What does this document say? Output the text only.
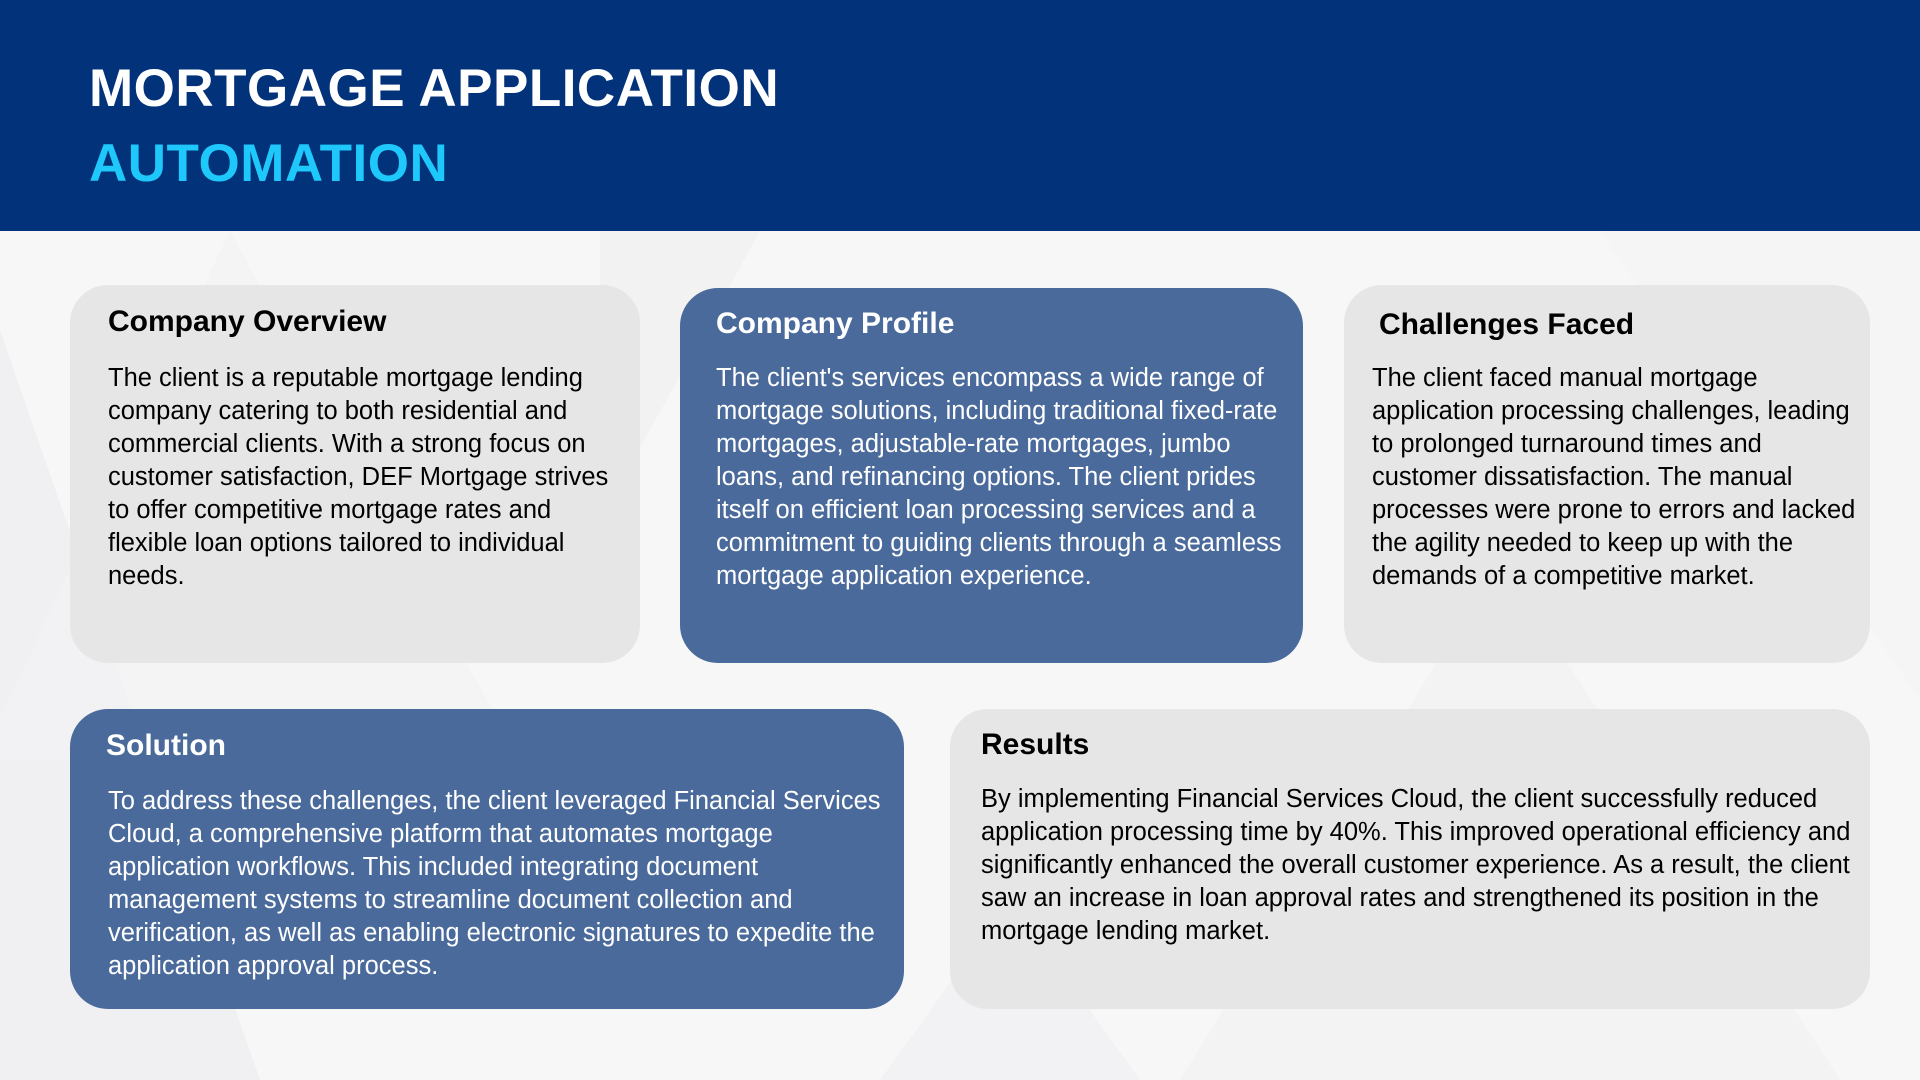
MORTGAGE APPLICATION
AUTOMATION
Company Overview

The client is a reputable mortgage lending company catering to both residential and commercial clients. With a strong focus on customer satisfaction, DEF Mortgage strives to offer competitive mortgage rates and flexible loan options tailored to individual needs.

Company Profile

The client's services encompass a wide range of mortgage solutions, including traditional fixed-rate mortgages, adjustable-rate mortgages, jumbo loans, and refinancing options. The client prides itself on efficient loan processing services and a commitment to guiding clients through a seamless mortgage application experience.

Challenges Faced

The client faced manual mortgage application processing challenges, leading to prolonged turnaround times and customer dissatisfaction. The manual processes were prone to errors and lacked the agility needed to keep up with the demands of a competitive market.

Solution

To address these challenges, the client leveraged Financial Services Cloud, a comprehensive platform that automates mortgage application workflows. This included integrating document management systems to streamline document collection and verification, as well as enabling electronic signatures to expedite the application approval process.

Results

By implementing Financial Services Cloud, the client successfully reduced application processing time by 40%. This improved operational efficiency and significantly enhanced the overall customer experience. As a result, the client saw an increase in loan approval rates and strengthened its position in the mortgage lending market.
